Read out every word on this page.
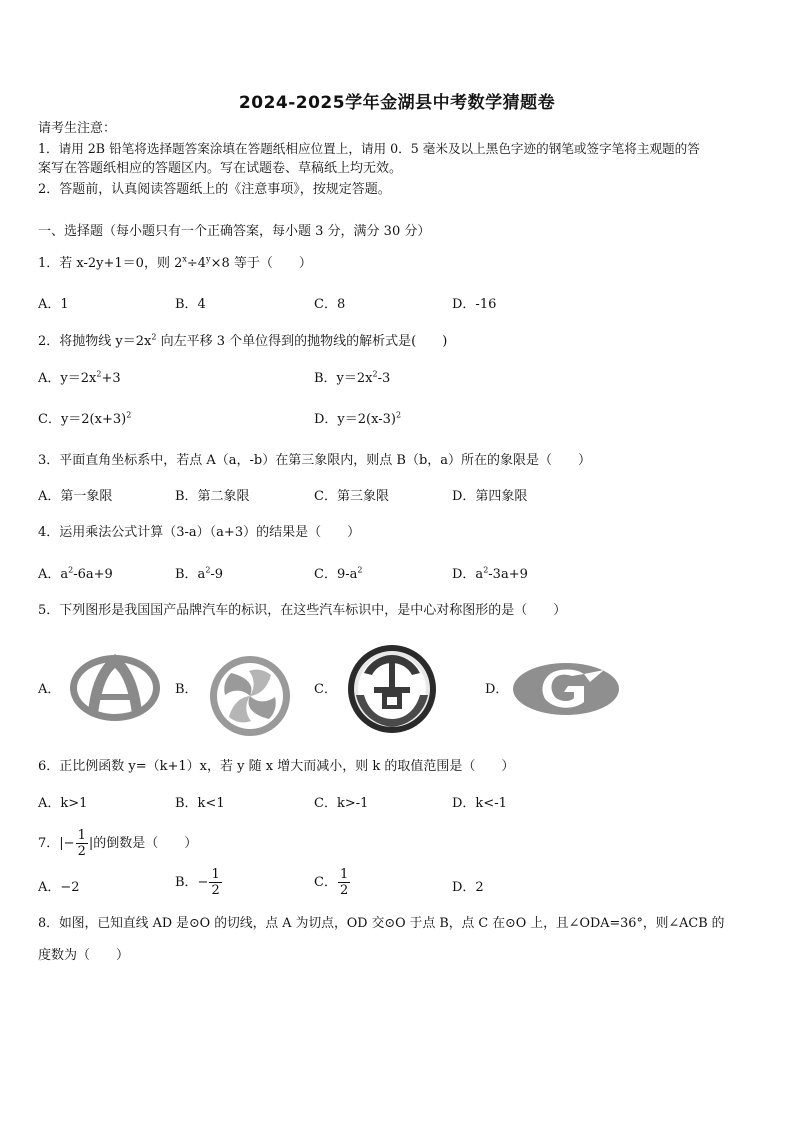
2024-2025学年金湖县中考数学猜题卷
请考生注意：
1．请用 2B 铅笔将选择题答案涂填在答题纸相应位置上，请用 0．5 毫米及以上黑色字迹的钢笔或签字笔将主观题的答
案写在答题纸相应的答题区内。写在试题卷、草稿纸上均无效。
2．答题前，认真阅读答题纸上的《注意事项》，按规定答题。
一、选择题（每小题只有一个正确答案，每小题 3 分，满分 30 分）
1．若 x-2y+1＝0，则 $2^x\div 4^y\times 8$ 等于（　　）
A．1	B．4	C．8	D．-16
2．将抛物线 $y=2x^2$ 向左平移 3 个单位得到的抛物线的解析式是(　　)
A．$y=2x^2+3$	B．$y=2x^2-3$
C．$y=2(x+3)^2$	D．$y=2(x-3)^2$
3．平面直角坐标系中，若点 A（a，-b）在第三象限内，则点 B（b，a）所在的象限是（　　）
A．第一象限	B．第二象限	C．第三象限	D．第四象限
4．运用乘法公式计算（3-a）（a+3）的结果是（　　）
A．$a^2-6a+9$	B．$a^2-9$	C．$9-a^2$	D．$a^2-3a+9$
5．下列图形是我国国产品牌汽车的标识，在这些汽车标识中，是中心对称图形的是（　　）
A．	B．	C．	D．
6．正比例函数 y=（k+1）x，若 y 随 x 增大而减小，则 k 的取值范围是（　　）
A．k>1	B．k<1	C．k>-1	D．k<-1
7． |− $\frac{1}{2}$ |的倒数是（　　）
A．−2	B．− $\frac{1}{2}$	C． $\frac{1}{2}$	D．2
8．如图，已知直线 AD 是⊙O 的切线，点 A 为切点，OD 交⊙O 于点 B，点 C 在⊙O 上，且∠ODA=36°，则∠ACB 的
度数为（　　）
